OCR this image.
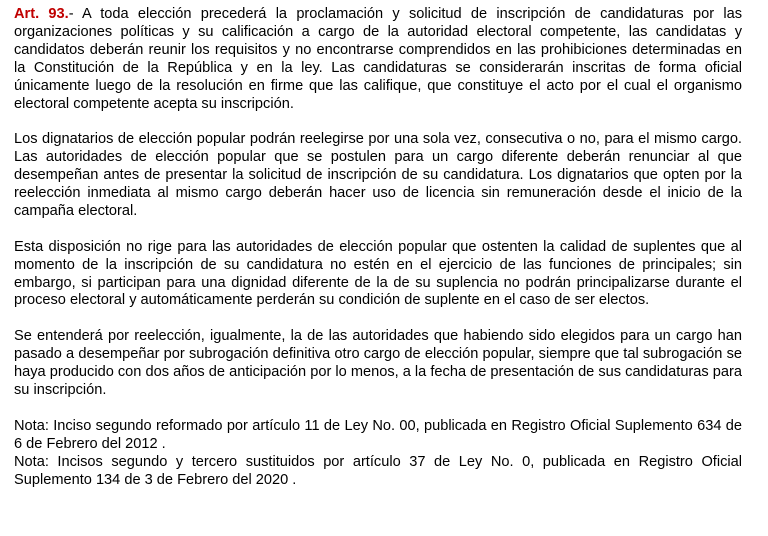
Art. 93.- A toda elección precederá la proclamación y solicitud de inscripción de candidaturas por las organizaciones políticas y su calificación a cargo de la autoridad electoral competente, las candidatas y candidatos deberán reunir los requisitos y no encontrarse comprendidos en las prohibiciones determinadas en la Constitución de la República y en la ley. Las candidaturas se considerarán inscritas de forma oficial únicamente luego de la resolución en firme que las califique, que constituye el acto por el cual el organismo electoral competente acepta su inscripción.

Los dignatarios de elección popular podrán reelegirse por una sola vez, consecutiva o no, para el mismo cargo. Las autoridades de elección popular que se postulen para un cargo diferente deberán renunciar al que desempeñan antes de presentar la solicitud de inscripción de su candidatura. Los dignatarios que opten por la reelección inmediata al mismo cargo deberán hacer uso de licencia sin remuneración desde el inicio de la campaña electoral.

Esta disposición no rige para las autoridades de elección popular que ostenten la calidad de suplentes que al momento de la inscripción de su candidatura no estén en el ejercicio de las funciones de principales; sin embargo, si participan para una dignidad diferente de la de su suplencia no podrán principalizarse durante el proceso electoral y automáticamente perderán su condición de suplente en el caso de ser electos.

Se entenderá por reelección, igualmente, la de las autoridades que habiendo sido elegidos para un cargo han pasado a desempeñar por subrogación definitiva otro cargo de elección popular, siempre que tal subrogación se haya producido con dos años de anticipación por lo menos, a la fecha de presentación de sus candidaturas para su inscripción.

Nota: Inciso segundo reformado por artículo 11 de Ley No. 00, publicada en Registro Oficial Suplemento 634 de 6 de Febrero del 2012 .
Nota: Incisos segundo y tercero sustituidos por artículo 37 de Ley No. 0, publicada en Registro Oficial Suplemento 134 de 3 de Febrero del 2020 .
